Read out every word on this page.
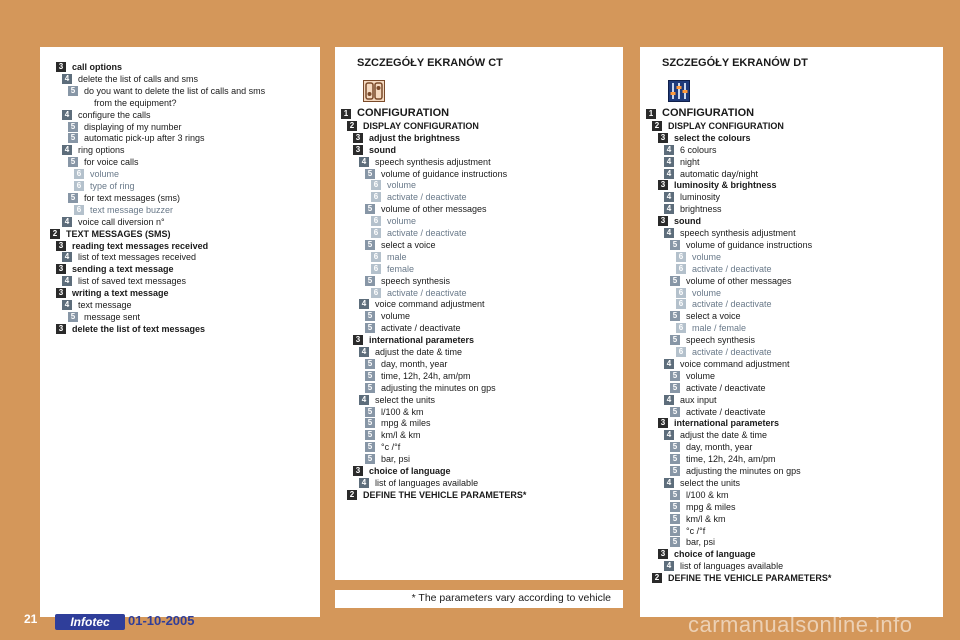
3 call options
4 delete the list of calls and sms
5 do you want to delete the list of calls and sms
from the equipment?
4 configure the calls
5 displaying of my number
5 automatic pick-up after 3 rings
4 ring options
5 for voice calls
6 volume
6 type of ring
5 for text messages (sms)
6 text message buzzer
4 voice call diversion n°
2 TEXT MESSAGES (SMS)
3 reading text messages received
4 list of text messages received
3 sending a text message
4 list of saved text messages
3 writing a text message
4 text message
5 message sent
3 delete the list of text messages
SZCZEGÓŁY EKRANÓW CT
1 CONFIGURATION
2 DISPLAY CONFIGURATION
3 adjust the brightness
3 sound
4 speech synthesis adjustment
5 volume of guidance instructions
6 volume
6 activate / deactivate
5 volume of other messages
6 volume
6 activate / deactivate
5 select a voice
6 male
6 female
5 speech synthesis
6 activate / deactivate
4 voice command adjustment
5 volume
5 activate / deactivate
3 international parameters
4 adjust the date & time
5 day, month, year
5 time, 12h, 24h, am/pm
5 adjusting the minutes on gps
4 select the units
5 l/100 & km
5 mpg & miles
5 km/l & km
5 °c /°f
5 bar, psi
3 choice of language
4 list of languages available
2 DEFINE THE VEHICLE PARAMETERS*
* The parameters vary according to vehicle
SZCZEGÓŁY EKRANÓW DT
1 CONFIGURATION
2 DISPLAY CONFIGURATION
3 select the colours
4 6 colours
4 night
4 automatic day/night
3 luminosity & brightness
4 luminosity
4 brightness
3 sound
4 speech synthesis adjustment
5 volume of guidance instructions
6 volume
6 activate / deactivate
5 volume of other messages
6 volume
6 activate / deactivate
5 select a voice
6 male / female
5 speech synthesis
6 activate / deactivate
4 voice command adjustment
5 volume
5 activate / deactivate
4 aux input
5 activate / deactivate
3 international parameters
4 adjust the date & time
5 day, month, year
5 time, 12h, 24h, am/pm
5 adjusting the minutes on gps
4 select the units
5 l/100 & km
5 mpg & miles
5 km/l & km
5 °c /°f
5 bar, psi
3 choice of language
4 list of languages available
2 DEFINE THE VEHICLE PARAMETERS*
21	Infotec	01-10-2005	carmanualsonline.info
